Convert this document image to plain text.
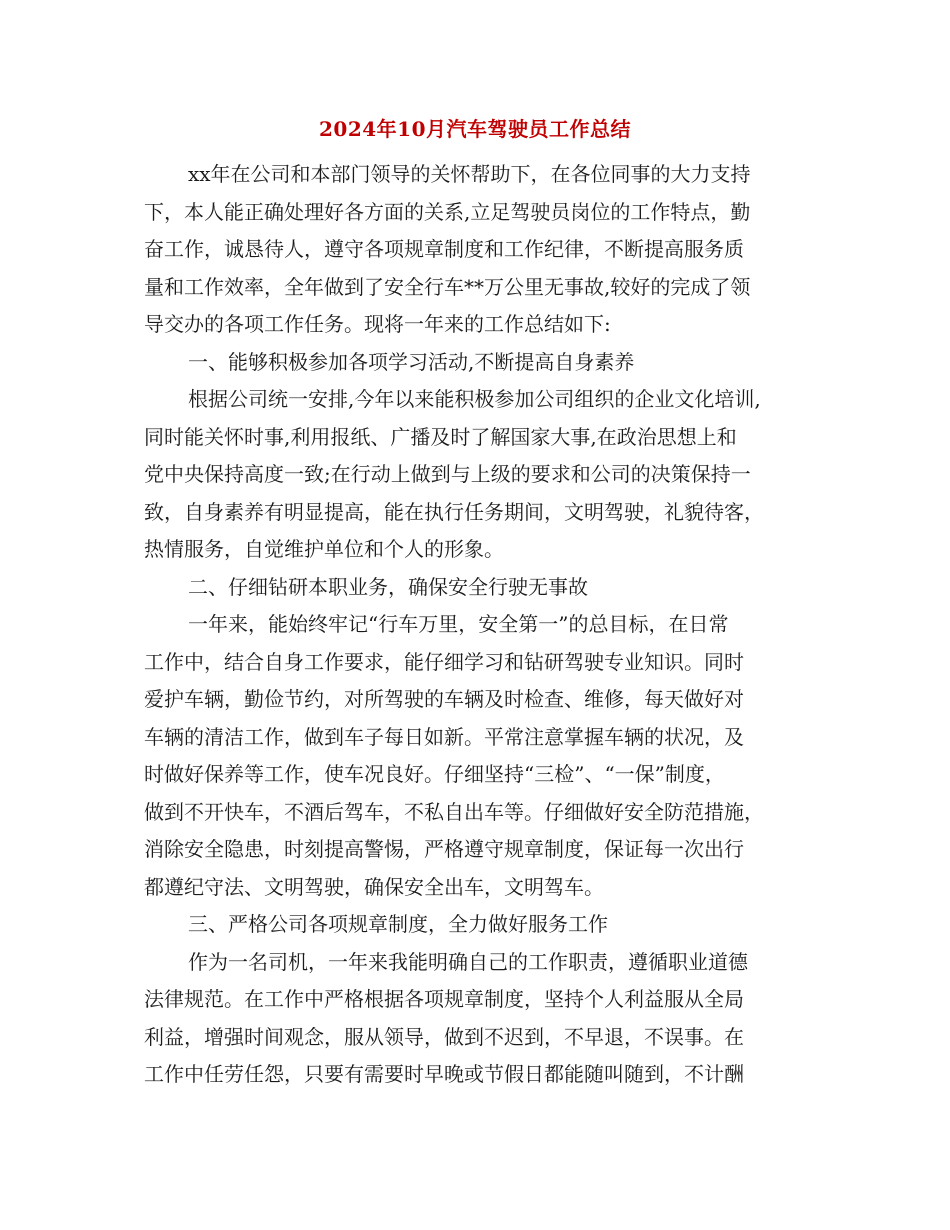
2024年10月汽车驾驶员工作总结
xx年在公司和本部门领导的关怀帮助下，在各位同事的大力支持
下，本人能正确处理好各方面的关系,立足驾驶员岗位的工作特点，勤
奋工作，诚恳待人，遵守各项规章制度和工作纪律，不断提高服务质
量和工作效率，全年做到了安全行车**万公里无事故,较好的完成了领
导交办的各项工作任务。现将一年来的工作总结如下:
一、能够积极参加各项学习活动,不断提高自身素养
根据公司统一安排,今年以来能积极参加公司组织的企业文化培训,
同时能关怀时事,利用报纸、广播及时了解国家大事,在政治思想上和
党中央保持高度一致;在行动上做到与上级的要求和公司的决策保持一
致，自身素养有明显提高，能在执行任务期间，文明驾驶，礼貌待客，
热情服务，自觉维护单位和个人的形象。
二、仔细钻研本职业务，确保安全行驶无事故
一年来，能始终牢记“行车万里，安全第一”的总目标，在日常
工作中，结合自身工作要求，能仔细学习和钻研驾驶专业知识。同时
爱护车辆，勤俭节约，对所驾驶的车辆及时检查、维修，每天做好对
车辆的清洁工作，做到车子每日如新。平常注意掌握车辆的状况，及
时做好保养等工作，使车况良好。仔细坚持“三检”、“一保”制度，
做到不开快车，不酒后驾车，不私自出车等。仔细做好安全防范措施，
消除安全隐患，时刻提高警惕，严格遵守规章制度，保证每一次出行
都遵纪守法、文明驾驶，确保安全出车，文明驾车。
三、严格公司各项规章制度，全力做好服务工作
作为一名司机，一年来我能明确自己的工作职责，遵循职业道德
法律规范。在工作中严格根据各项规章制度，坚持个人利益服从全局
利益，增强时间观念，服从领导，做到不迟到，不早退，不误事。在
工作中任劳任怨，只要有需要时早晚或节假日都能随叫随到，不计酬
